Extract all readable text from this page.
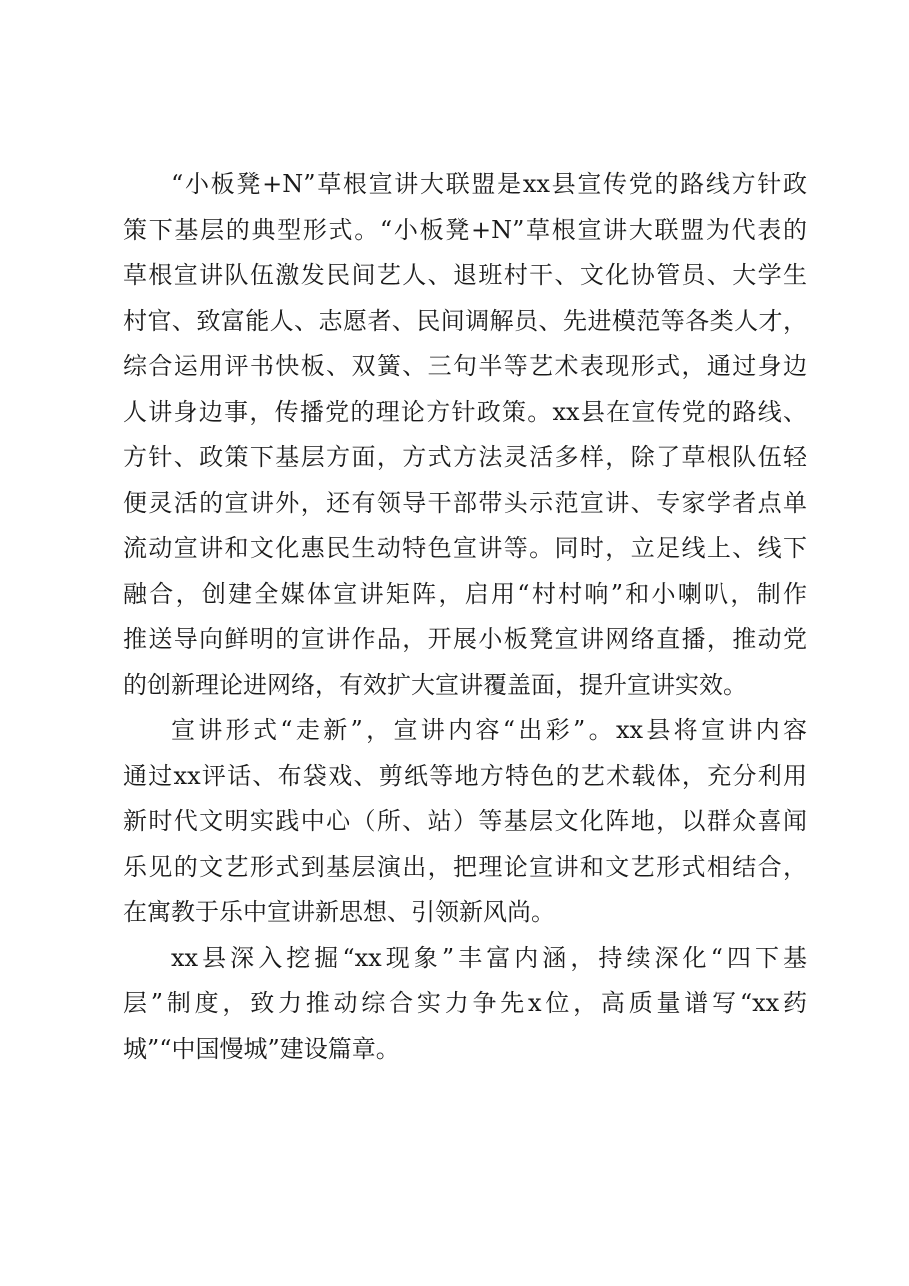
“小板凳+N”草根宣讲大联盟是xx县宣传党的路线方针政
策下基层的典型形式。“小板凳+N”草根宣讲大联盟为代表的
草根宣讲队伍激发民间艺人、退班村干、文化协管员、大学生
村官、致富能人、志愿者、民间调解员、先进模范等各类人才，
综合运用评书快板、双簧、三句半等艺术表现形式，通过身边
人讲身边事，传播党的理论方针政策。xx县在宣传党的路线、
方针、政策下基层方面，方式方法灵活多样，除了草根队伍轻
便灵活的宣讲外，还有领导干部带头示范宣讲、专家学者点单
流动宣讲和文化惠民生动特色宣讲等。同时，立足线上、线下
融合，创建全媒体宣讲矩阵，启用“村村响”和小喇叭，制作
推送导向鲜明的宣讲作品，开展小板凳宣讲网络直播，推动党
的创新理论进网络，有效扩大宣讲覆盖面，提升宣讲实效。
宣讲形式“走新”，宣讲内容“出彩”。xx县将宣讲内容
通过xx评话、布袋戏、剪纸等地方特色的艺术载体，充分利用
新时代文明实践中心（所、站）等基层文化阵地，以群众喜闻
乐见的文艺形式到基层演出，把理论宣讲和文艺形式相结合，
在寓教于乐中宣讲新思想、引领新风尚。
xx县深入挖掘“xx现象”丰富内涵，持续深化“四下基
层”制度，致力推动综合实力争先x位，高质量谱写“xx药
城”“中国慢城”建设篇章。
